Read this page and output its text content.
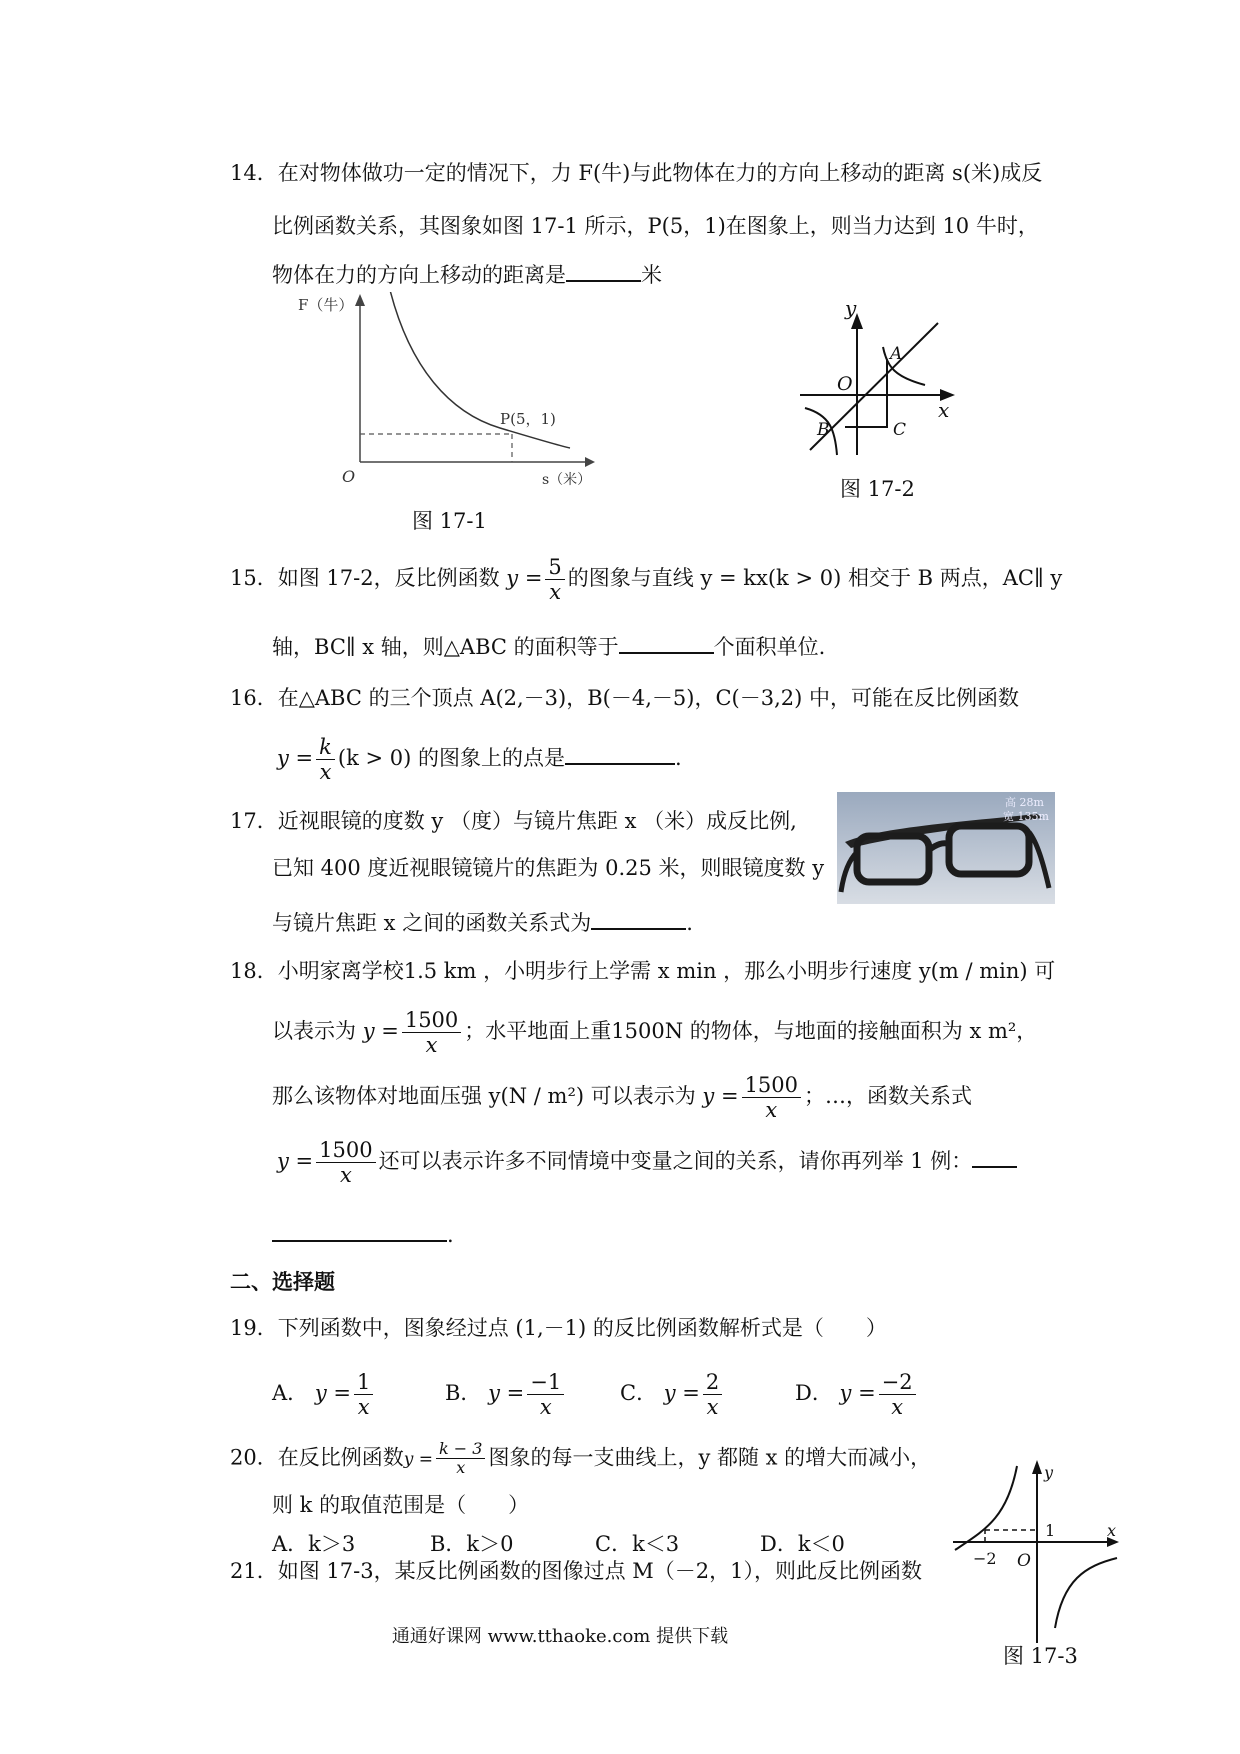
14．在对物体做功一定的情况下，力 F(牛)与此物体在力的方向上移动的距离 s(米)成反
比例函数关系，其图象如图 17-1 所示，P(5，1)在图象上，则当力达到 10 牛时，
物体在力的方向上移动的距离是	米
F（牛）
O
P(5，1)
s（米）
图 17-1
y
x
O
A
B	C
图 17-2
15．如图 17-2，反比例函数 $y = \frac{5}{x}$ 的图象与直线 y = kx(k > 0) 相交于 B 两点，AC∥ y
轴，BC∥ x 轴，则△ABC 的面积等于	个面积单位.
16．在△ABC 的三个顶点 A(2,－3)，B(－4,－5)，C(－3,2) 中，可能在反比例函数
$y = \frac{k}{x} (k > 0)$ 的图象上的点是	.
17．近视眼镜的度数 y （度）与镜片焦距 x （米）成反比例,
已知 400 度近视眼镜镜片的焦距为 0.25 米，则眼镜度数 y
与镜片焦距 x 之间的函数关系式为	.
高 28m
宽 135m
18．小明家离学校1.5 km ，小明步行上学需 x min ，那么小明步行速度 y(m / min) 可
以表示为 $y = \frac{1500}{x}$ ；水平地面上重1500N 的物体，与地面的接触面积为 x m²，
那么该物体对地面压强 y(N / m²) 可以表示为 $y = \frac{1500}{x}$ ；…，函数关系式
$y = \frac{1500}{x}$ 还可以表示许多不同情境中变量之间的关系，请你再列举 1 例：
.
二、选择题
19．下列函数中，图象经过点 (1,－1) 的反比例函数解析式是（　　）
A． $y = \frac{1}{x}$	B． $y = \frac{-1}{x}$	C． $y = \frac{2}{x}$	D． $y = \frac{-2}{x}$
20．在反比例函数$y = \frac{k - 3}{x}$ 图象的每一支曲线上，y 都随 x 的增大而减小，
则 k 的取值范围是（　　）
A．k＞3	B．k＞0	C．k＜3	D．k＜0
21．如图 17-3，某反比例函数的图像过点 M（－2，1），则此反比例函数
y
x
1
−2 O
图 17-3
通通好课网 www.tthaoke.com 提供下载
